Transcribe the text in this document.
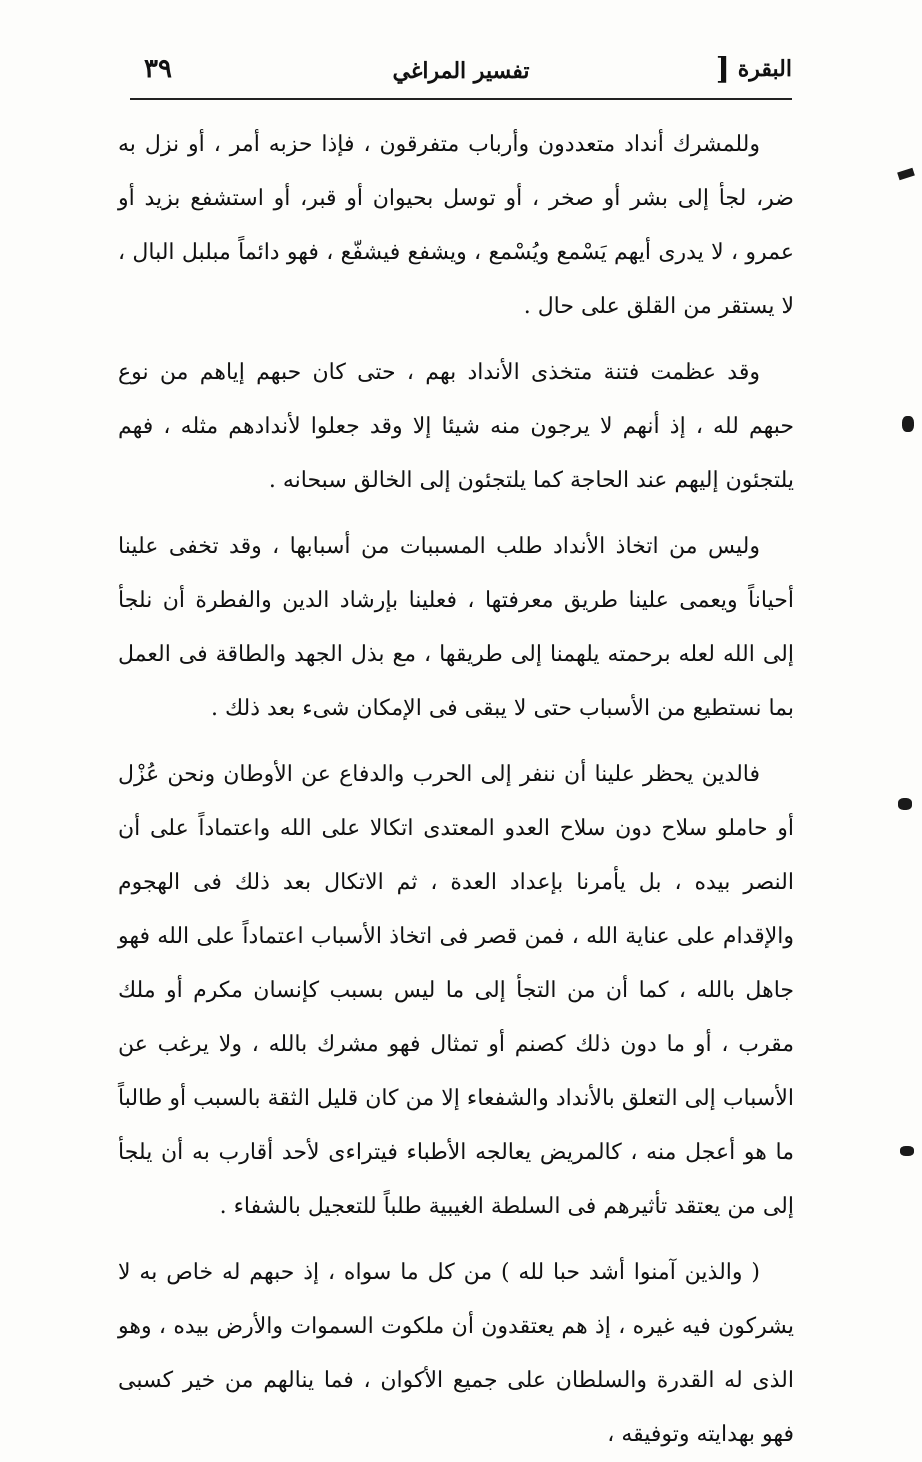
البقرة
]
تفسير المراغي
٣٩

وللمشرك أنداد متعددون وأرباب متفرقون ، فإذا حزبه أمر ، أو نزل به ضر، لجأ إلى بشر أو صخر ، أو توسل بحيوان أو قبر، أو استشفع بزيد أو عمرو ، لا يدرى أيهم يَسْمع ويُسْمع ، ويشفع فيشفّع ، فهو دائماً مبلبل البال ، لا يستقر من القلق على حال .

وقد عظمت فتنة متخذى الأنداد بهم ، حتى كان حبهم إياهم من نوع حبهم لله ، إذ أنهم لا يرجون منه شيئا إلا وقد جعلوا لأندادهم مثله ، فهم يلتجئون إليهم عند الحاجة كما يلتجئون إلى الخالق سبحانه .

وليس من اتخاذ الأنداد طلب المسببات من أسبابها ، وقد تخفى علينا أحياناً ويعمى علينا طريق معرفتها ، فعلينا بإرشاد الدين والفطرة أن نلجأ إلى الله لعله برحمته يلهمنا إلى طريقها ، مع بذل الجهد والطاقة فى العمل بما نستطيع من الأسباب حتى لا يبقى فى الإمكان شىء بعد ذلك .

فالدين يحظر علينا أن ننفر إلى الحرب والدفاع عن الأوطان ونحن عُزْل أو حاملو سلاح دون سلاح العدو المعتدى اتكالا على الله واعتماداً على أن النصر بيده ، بل يأمرنا بإعداد العدة ، ثم الاتكال بعد ذلك فى الهجوم والإقدام على عناية الله ، فمن قصر فى اتخاذ الأسباب اعتماداً على الله فهو جاهل بالله ، كما أن من التجأ إلى ما ليس بسبب كإنسان مكرم أو ملك مقرب ، أو ما دون ذلك كصنم أو تمثال فهو مشرك بالله ، ولا يرغب عن الأسباب إلى التعلق بالأنداد والشفعاء إلا من كان قليل الثقة بالسبب أو طالباً ما هو أعجل منه ، كالمريض يعالجه الأطباء فيتراءى لأحد أقارب به أن يلجأ إلى من يعتقد تأثيرهم فى السلطة الغيبية طلباً للتعجيل بالشفاء .

( والذين آمنوا أشد حبا لله ) من كل ما سواه ، إذ حبهم له خاص به لا يشركون فيه غيره ، إذ هم يعتقدون أن ملكوت السموات والأرض بيده ، وهو الذى له القدرة والسلطان على جميع الأكوان ، فما ينالهم من خير كسبى فهو بهدايته وتوفيقه ،
